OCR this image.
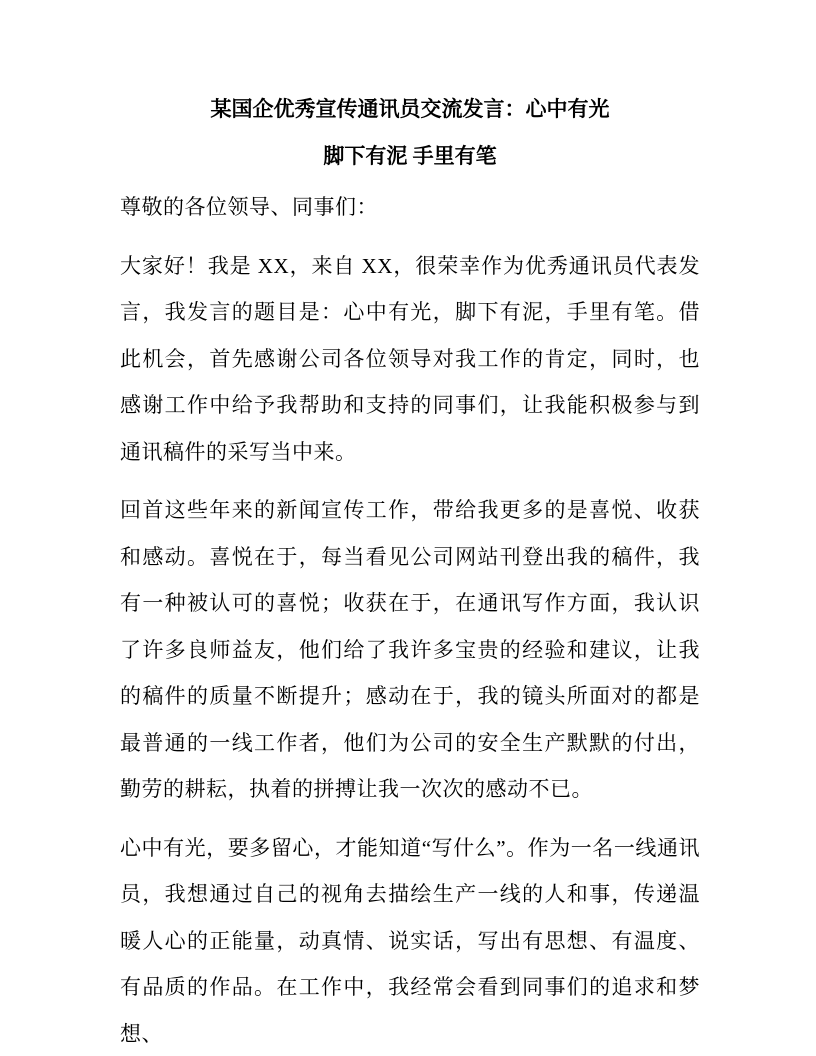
某国企优秀宣传通讯员交流发言：心中有光
脚下有泥 手里有笔

尊敬的各位领导、同事们：

大家好！我是 XX，来自 XX，很荣幸作为优秀通讯员代表发言，我发言的题目是：心中有光，脚下有泥，手里有笔。借此机会，首先感谢公司各位领导对我工作的肯定，同时，也感谢工作中给予我帮助和支持的同事们，让我能积极参与到通讯稿件的采写当中来。

回首这些年来的新闻宣传工作，带给我更多的是喜悦、收获和感动。喜悦在于，每当看见公司网站刊登出我的稿件，我有一种被认可的喜悦；收获在于，在通讯写作方面，我认识了许多良师益友，他们给了我许多宝贵的经验和建议，让我的稿件的质量不断提升；感动在于，我的镜头所面对的都是最普通的一线工作者，他们为公司的安全生产默默的付出，勤劳的耕耘，执着的拼搏让我一次次的感动不已。

心中有光，要多留心，才能知道“写什么”。作为一名一线通讯员，我想通过自己的视角去描绘生产一线的人和事，传递温暖人心的正能量，动真情、说实话，写出有思想、有温度、有品质的作品。在工作中，我经常会看到同事们的追求和梦想、
